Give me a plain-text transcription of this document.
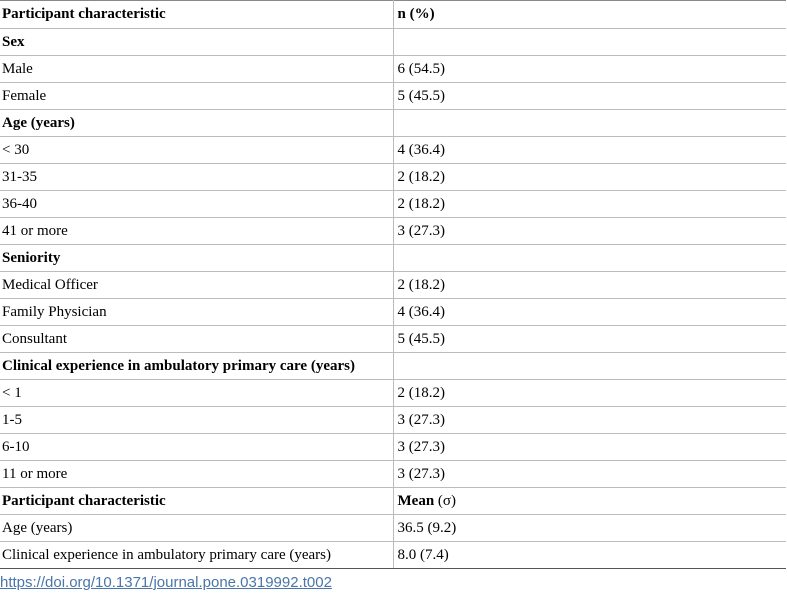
Participant characteristic	n (%)
Sex	
Male	6 (54.5)
Female	5 (45.5)
Age (years)	
< 30	4 (36.4)
31-35	2 (18.2)
36-40	2 (18.2)
41 or more	3 (27.3)
Seniority	
Medical Officer	2 (18.2)
Family Physician	4 (36.4)
Consultant	5 (45.5)
Clinical experience in ambulatory primary care (years)	
< 1	2 (18.2)
1-5	3 (27.3)
6-10	3 (27.3)
11 or more	3 (27.3)
Participant characteristic	Mean (σ)
Age (years)	36.5 (9.2)
Clinical experience in ambulatory primary care (years)	8.0 (7.4)
https://doi.org/10.1371/journal.pone.0319992.t002
